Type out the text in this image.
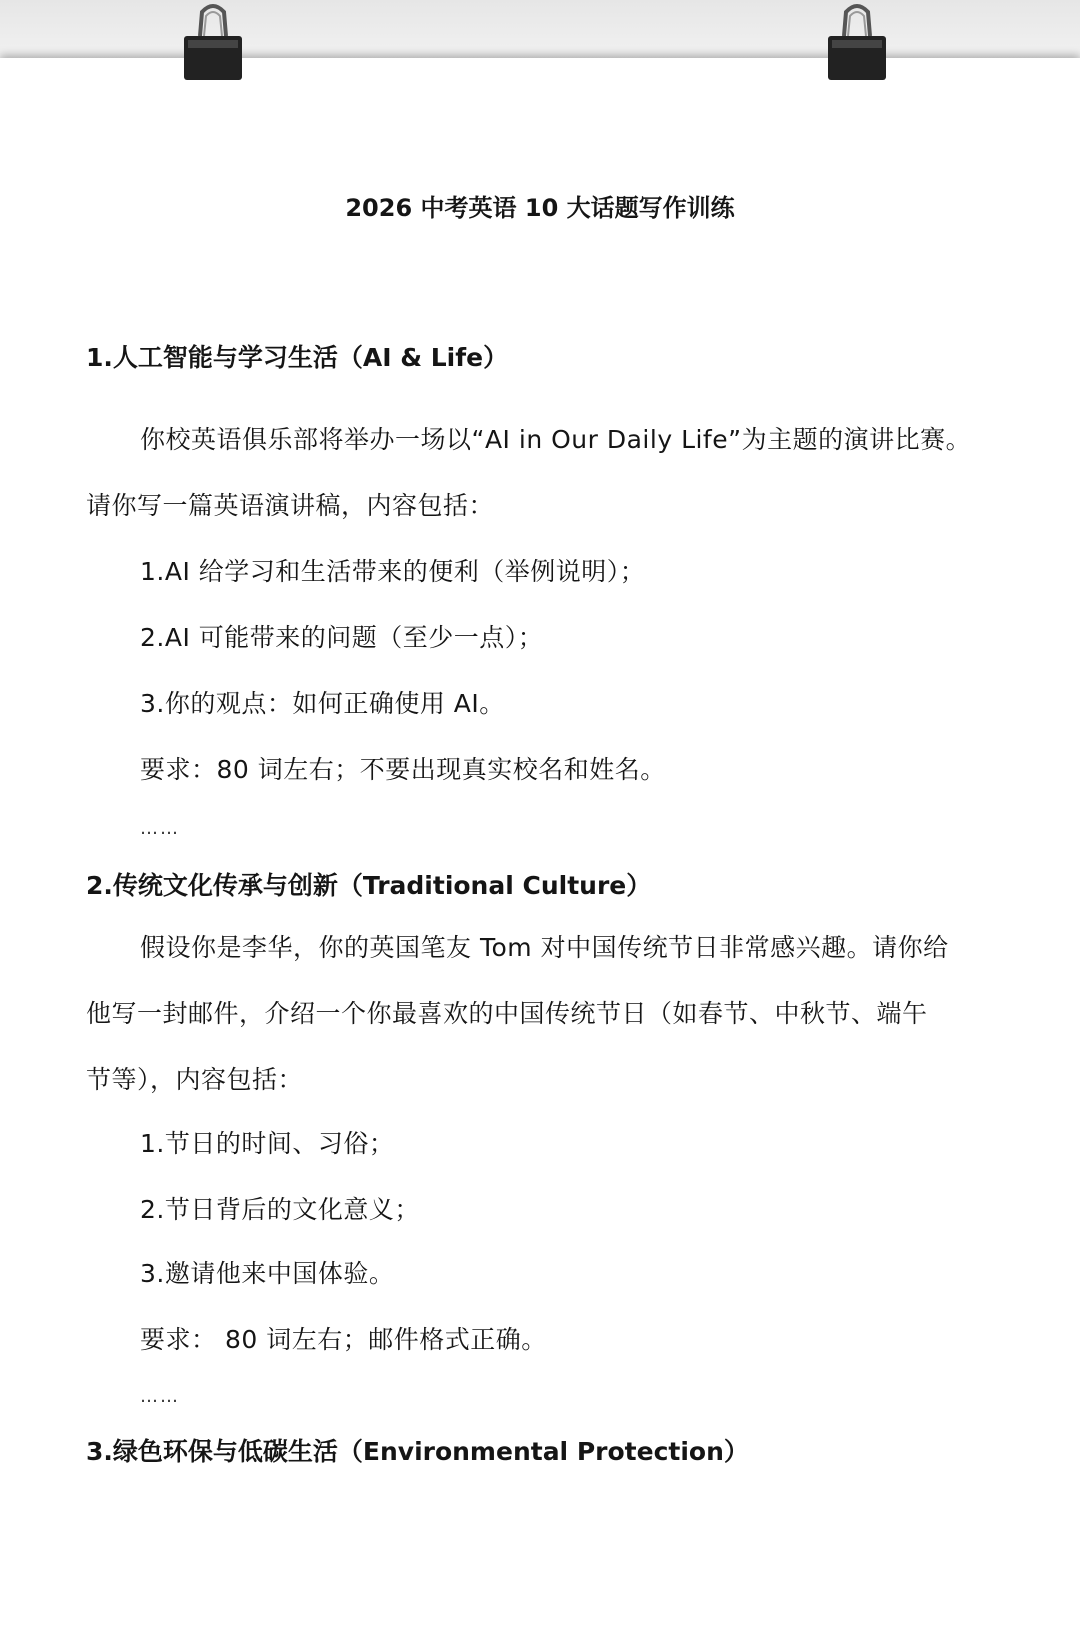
2026 中考英语 10 大话题写作训练
1.人工智能与学习生活（AI & Life）
你校英语俱乐部将举办一场以“AI in Our Daily Life”为主题的演讲比赛。
请你写一篇英语演讲稿，内容包括：
1.AI 给学习和生活带来的便利（举例说明）；
2.AI 可能带来的问题（至少一点）；
3.你的观点：如何正确使用 AI。
要求：80 词左右；不要出现真实校名和姓名。
……
2.传统文化传承与创新（Traditional Culture）
假设你是李华，你的英国笔友 Tom 对中国传统节日非常感兴趣。请你给
他写一封邮件，介绍一个你最喜欢的中国传统节日（如春节、中秋节、端午
节等），内容包括：
1.节日的时间、习俗；
2.节日背后的文化意义；
3.邀请他来中国体验。
要求： 80 词左右；邮件格式正确。
……
3.绿色环保与低碳生活（Environmental Protection）
